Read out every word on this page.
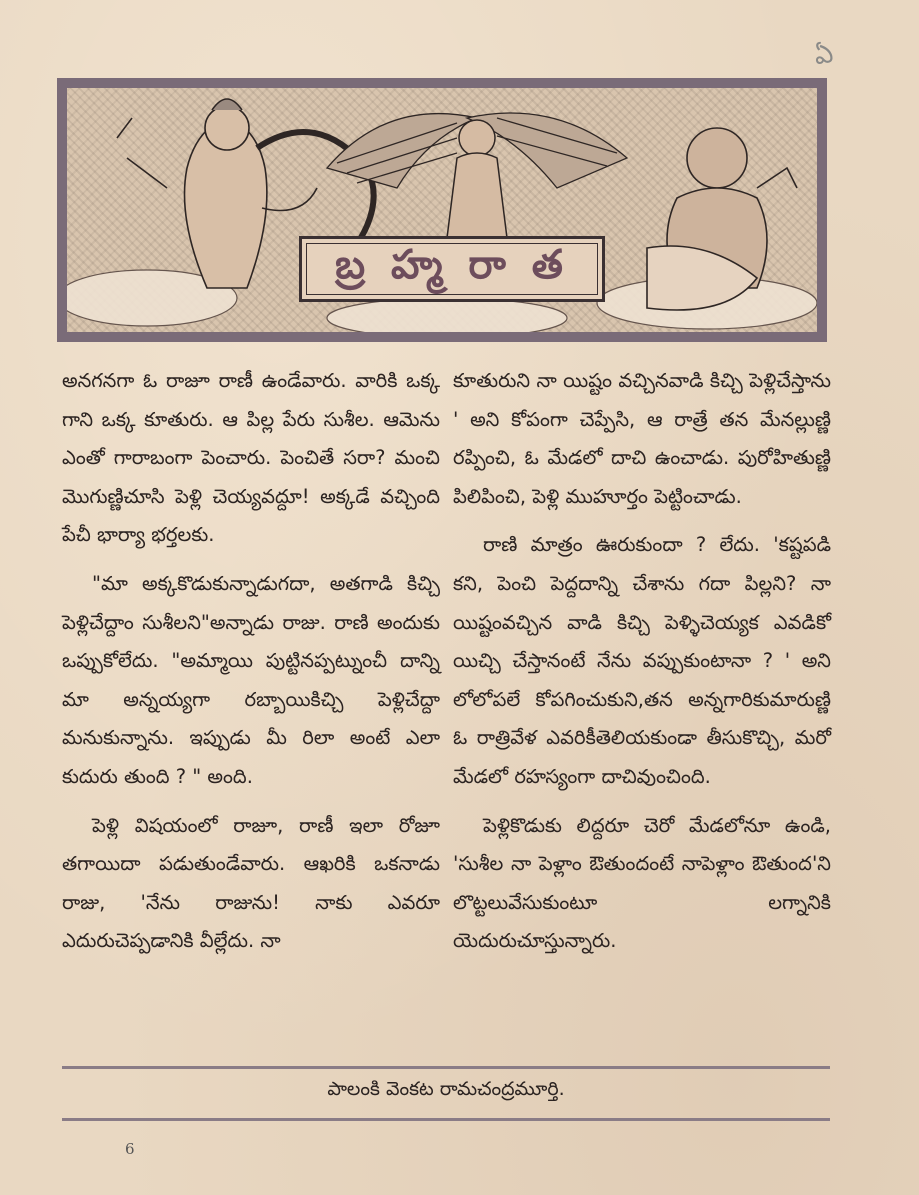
ఏ
బ్ర హ్మ రా త

అనగనగా ఓ రాజూ రాణీ ఉండేవారు. వారికి ఒక్క గాని ఒక్క కూతురు. ఆ పిల్ల పేరు సుశీల. ఆమెను ఎంతో గారాబంగా పెంచారు. పెంచితే సరా? మంచి మొగుణ్ణిచూసి పెళ్లి చెయ్యవద్దూ! అక్కడే వచ్చింది పేచీ భార్యా భర్తలకు.

"మా అక్కకొడుకున్నాడుగదా, అతగాడి కిచ్చి పెళ్లిచేద్దాం సుశీలని"అన్నాడు రాజు. రాణి అందుకు ఒప్పుకోలేదు. "అమ్మాయి పుట్టినప్పట్నుంచీ దాన్ని మా అన్నయ్యగా రబ్బాయికిచ్చి పెళ్లిచేద్దా మనుకున్నాను. ఇప్పుడు మీ రిలా అంటే ఎలా కుదురు తుంది ? " అంది.

పెళ్లి విషయంలో రాజూ, రాణీ ఇలా రోజూ తగాయిదా పడుతుండేవారు. ఆఖరికి ఒకనాడు రాజు, 'నేను రాజును! నాకు ఎవరూ ఎదురుచెప్పడానికి వీల్లేదు. నా

కూతురుని నా యిష్టం వచ్చినవాడి కిచ్చి పెళ్లిచేస్తాను ' అని కోపంగా చెప్పేసి, ఆ రాత్రే తన మేనల్లుణ్ణి రప్పించి, ఓ మేడలో దాచి ఉంచాడు. పురోహితుణ్ణి పిలిపించి, పెళ్లి ముహూర్తం పెట్టించాడు.

రాణి మాత్రం ఊరుకుందా ? లేదు. 'కష్టపడి కని, పెంచి పెద్దదాన్ని చేశాను గదా పిల్లని? నా యిష్టంవచ్చిన వాడి కిచ్చి పెళ్ళిచెయ్యక ఎవడికో యిచ్చి చేస్తానంటే నేను వప్పుకుంటానా ? ' అని లోలోపలే కోపగించుకుని,తన అన్నగారికుమారుణ్ణి ఓ రాత్రివేళ ఎవరికీతెలియకుండా తీసుకొచ్చి, మరో మేడలో రహస్యంగా దాచివుంచింది.

పెళ్లికొడుకు లిద్దరూ చెరో మేడలోనూ ఉండి, 'సుశీల నా పెళ్లాం ఔతుందంటే నాపెళ్లాం ఔతుంద'ని లొట్టలువేసుకుంటూ లగ్నానికి యెదురుచూస్తున్నారు.

పాలంకి వెంకట రామచంద్రమూర్తి.
6
